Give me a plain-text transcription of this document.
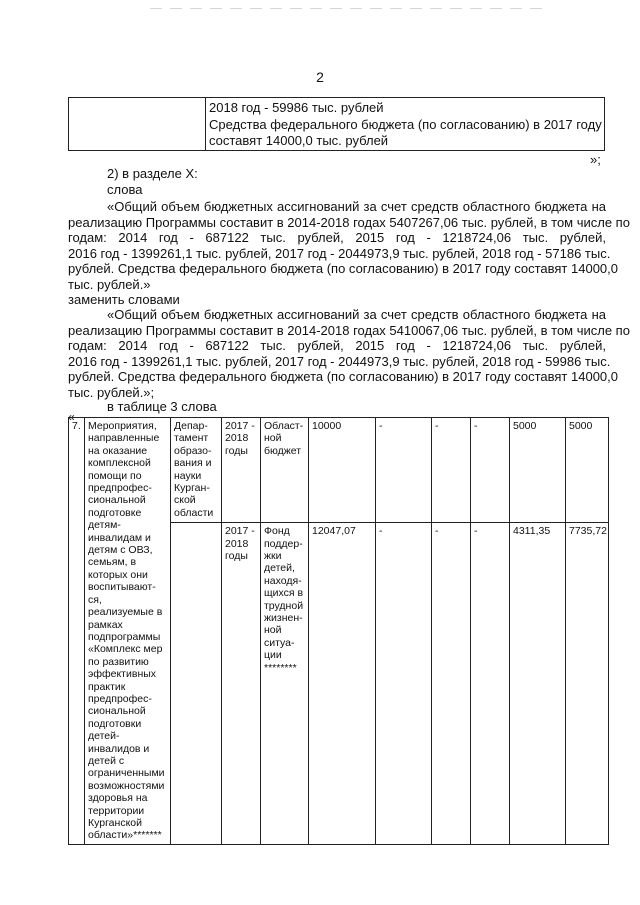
2
2018 год - 59986 тыс. рублей
Средства федерального бюджета (по согласованию) в 2017 году
составят 14000,0 тыс. рублей
»;
2) в разделе X:
слова
«Общий объем бюджетных ассигнований за счет средств областного бюджета на
реализацию Программы составит в 2014-2018 годах 5407267,06 тыс. рублей, в том числе по
годам: 2014 год - 687122 тыс. рублей, 2015 год - 1218724,06 тыс. рублей,
2016 год - 1399261,1 тыс. рублей, 2017 год - 2044973,9 тыс. рублей, 2018 год - 57186 тыс.
рублей. Средства федерального бюджета (по согласованию) в 2017 году составят 14000,0
тыс. рублей.»
заменить словами
«Общий объем бюджетных ассигнований за счет средств областного бюджета на
реализацию Программы составит в 2014-2018 годах 5410067,06 тыс. рублей, в том числе по
годам: 2014 год - 687122 тыс. рублей, 2015 год - 1218724,06 тыс. рублей,
2016 год - 1399261,1 тыс. рублей, 2017 год - 2044973,9 тыс. рублей, 2018 год - 59986 тыс.
рублей. Средства федерального бюджета (по согласованию) в 2017 году составят 14000,0
тыс. рублей.»;
в таблице 3 слова
«
7.	Мероприятия, направленные на оказание комплексной помощи по предпрофес-сиональной подготовке детям-инвалидам и детям с ОВЗ, семьям, в которых они воспитывают-ся, реализуемые в рамках подпрограммы «Комплекс мер по развитию эффективных практик предпрофес-сиональной подготовки детей-инвалидов и детей с ограниченными возможностями здоровья на территории Курганской области»*******	Депар-тамент образо-вания и науки Курган-ской области	2017 - 2018 годы	Област-ной бюджет	10000	-	-	-	5000	5000
			2017 - 2018 годы	Фонд поддер-жки детей, находя-щихся в трудной жизнен-ной ситуа-ции ********	12047,07	-	-	-	4311,35	7735,72
